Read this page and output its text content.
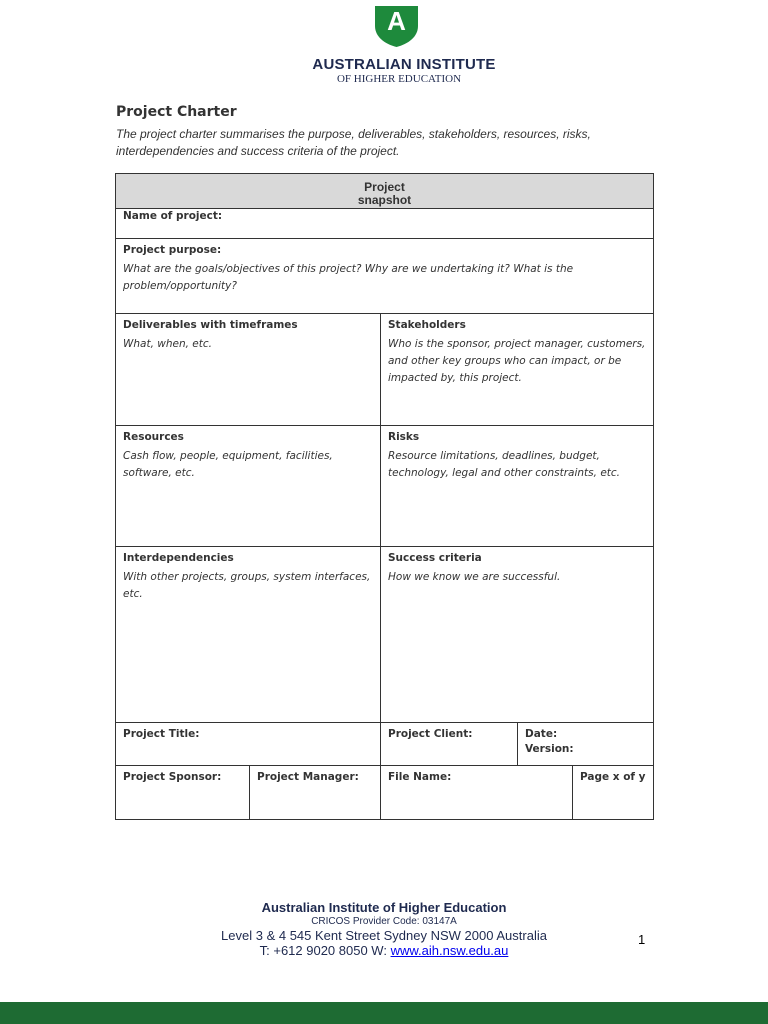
A
AUSTRALIAN INSTITUTE
OF HIGHER EDUCATION
Project Charter
The project charter summarises the purpose, deliverables, stakeholders, resources, risks, interdependencies and success criteria of the project.
Project
snapshot
Name of project:
Project purpose:
What are the goals/objectives of this project? Why are we undertaking it? What is the problem/opportunity?
Deliverables with timeframes
What, when, etc.
Stakeholders
Who is the sponsor, project manager, customers, and other key groups who can impact, or be impacted by, this project.
Resources
Cash flow, people, equipment, facilities, software, etc.
Risks
Resource limitations, deadlines, budget, technology, legal and other constraints, etc.
Interdependencies
With other projects, groups, system interfaces, etc.
Success criteria
How we know we are successful.
Project Title:	Project Client:	Date:
Version:
Project Sponsor:	Project Manager:	File Name:	Page x of y
Australian Institute of Higher Education
CRICOS Provider Code: 03147A
Level 3 & 4 545 Kent Street Sydney NSW 2000 Australia
T: +612 9020 8050 W: www.aih.nsw.edu.au
1
